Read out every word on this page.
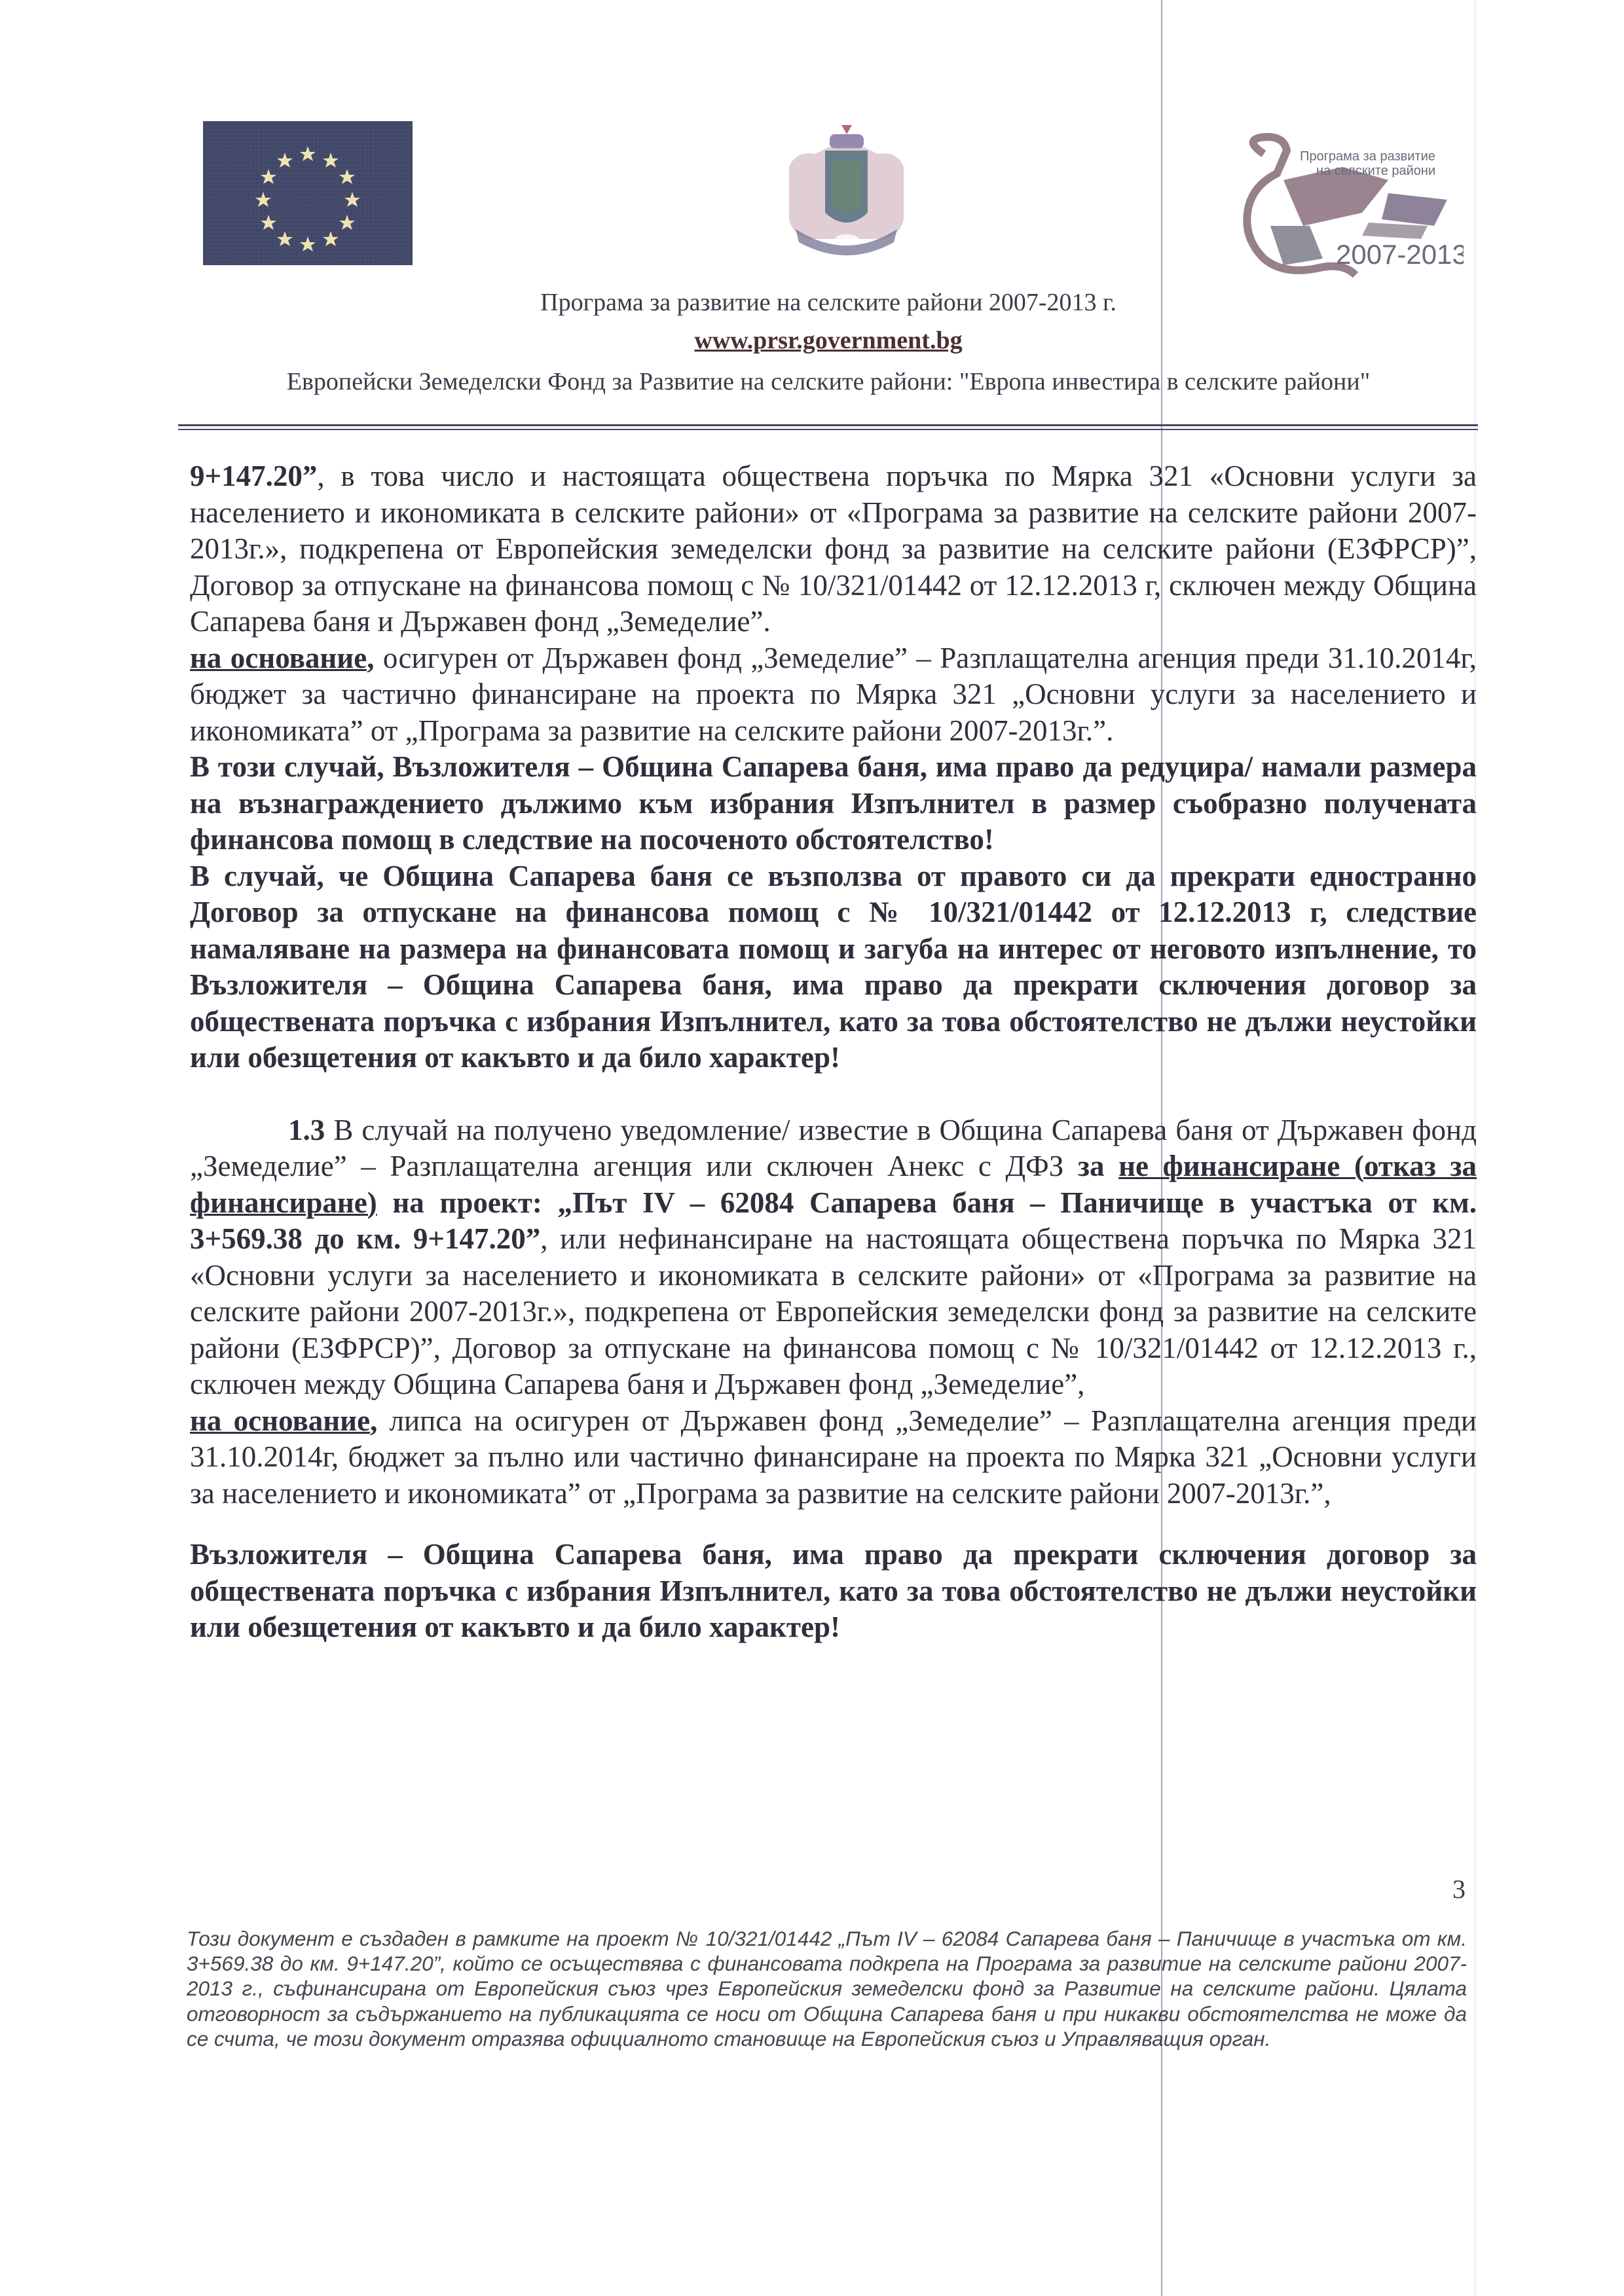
Програма за развитие
на селските райони
2007-2013
Програма за развитие на селските райони 2007-2013 г.
www.prsr.government.bg
Европейски Земеделски Фонд за Развитие на селските райони: "Европа инвестира в селските райони"

9+147.20”, в това число и настоящата обществена поръчка по Мярка 321 «Основни услуги за населението и икономиката в селските райони» от «Програма за развитие на селските райони 2007-2013г.», подкрепена от Европейския земеделски фонд за развитие на селските райони (ЕЗФРСР)”, Договор за отпускане на финансова помощ с № 10/321/01442 от 12.12.2013 г, сключен между Община Сапарева баня и Държавен фонд „Земеделие”.

на основание, осигурен от Държавен фонд „Земеделие” – Разплащателна агенция преди 31.10.2014г, бюджет за частично финансиране на проекта по Мярка 321 „Основни услуги за населението и икономиката” от „Програма за развитие на селските райони 2007-2013г.”.

В този случай, Възложителя – Община Сапарева баня, има право да редуцира/ намали размера на възнаграждението дължимо към избрания Изпълнител в размер съобразно получената финансова помощ в следствие на посоченото обстоятелство!

В случай, че Община Сапарева баня се възползва от правото си да прекрати едностранно Договор за отпускане на финансова помощ с № 10/321/01442 от 12.12.2013 г, следствие намаляване на размера на финансовата помощ и загуба на интерес от неговото изпълнение, то Възложителя – Община Сапарева баня, има право да прекрати сключения договор за обществената поръчка с избрания Изпълнител, като за това обстоятелство не дължи неустойки или обезщетения от какъвто и да било характер!

1.3 В случай на получено уведомление/ известие в Община Сапарева баня от Държавен фонд „Земеделие” – Разплащателна агенция или сключен Анекс с ДФЗ за не финансиране (отказ за финансиране) на проект: „Път IV – 62084 Сапарева баня – Паничище в участъка от км. 3+569.38 до км. 9+147.20”, или нефинансиране на настоящата обществена поръчка по Мярка 321 «Основни услуги за населението и икономиката в селските райони» от «Програма за развитие на селските райони 2007-2013г.», подкрепена от Европейския земеделски фонд за развитие на селските райони (ЕЗФРСР)”, Договор за отпускане на финансова помощ с № 10/321/01442 от 12.12.2013 г., сключен между Община Сапарева баня и Държавен фонд „Земеделие”,

на основание, липса на осигурен от Държавен фонд „Земеделие” – Разплащателна агенция преди 31.10.2014г, бюджет за пълно или частично финансиране на проекта по Мярка 321 „Основни услуги за населението и икономиката” от „Програма за развитие на селските райони 2007-2013г.”,

Възложителя – Община Сапарева баня, има право да прекрати сключения договор за обществената поръчка с избрания Изпълнител, като за това обстоятелство не дължи неустойки или обезщетения от какъвто и да било характер!

3
Този документ е създаден в рамките на проект № 10/321/01442 „Път IV – 62084 Сапарева баня – Паничище в участъка от км. 3+569.38 до км. 9+147.20”, който се осъществява с финансовата подкрепа на Програма за развитие на селските райони 2007-2013 г., съфинансирана от Европейския съюз чрез Европейския земеделски фонд за Развитие на селските райони. Цялата отговорност за съдържанието на публикацията се носи от Община Сапарева баня и при никакви обстоятелства не може да се счита, че този документ отразява официалното становище на Европейския съюз и Управляващия орган.
